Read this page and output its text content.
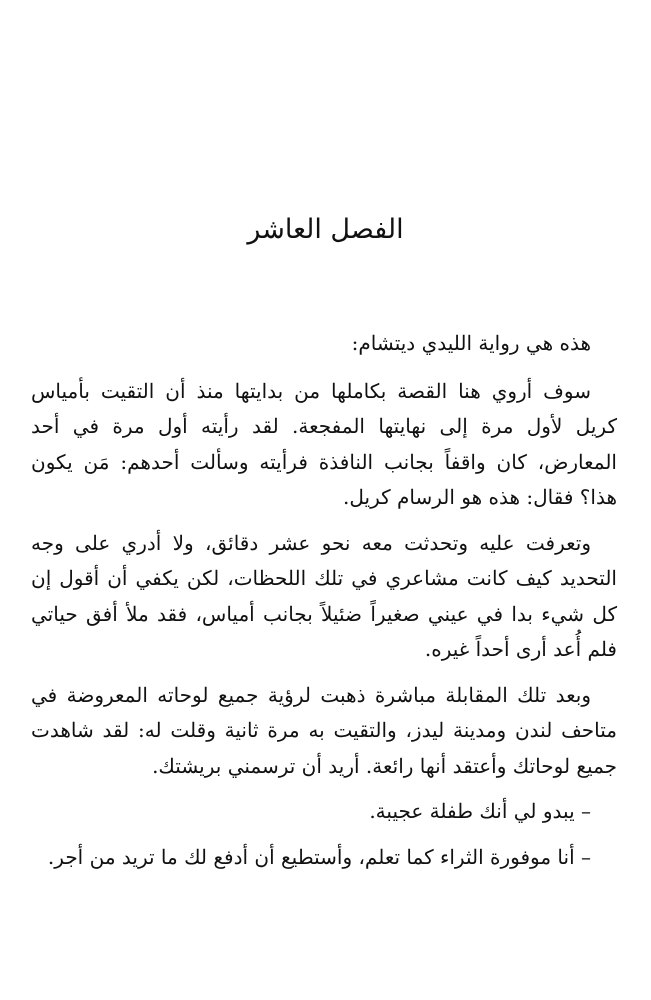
الفصل العاشر

هذه هي رواية الليدي ديتشام:

سوف أروي هنا القصة بكاملها من بدايتها منذ أن التقيت بأمياس كريل لأول مرة إلى نهايتها المفجعة. لقد رأيته أول مرة في أحد المعارض، كان واقفاً بجانب النافذة فرأيته وسألت أحدهم: مَن يكون هذا؟ فقال: هذه هو الرسام كريل.

وتعرفت عليه وتحدثت معه نحو عشر دقائق، ولا أدري على وجه التحديد كيف كانت مشاعري في تلك اللحظات، لكن يكفي أن أقول إن كل شيء بدا في عيني صغيراً ضئيلاً بجانب أمياس، فقد ملأ أفق حياتي فلم أُعد أرى أحداً غيره.

وبعد تلك المقابلة مباشرة ذهبت لرؤية جميع لوحاته المعروضة في متاحف لندن ومدينة ليدز، والتقيت به مرة ثانية وقلت له: لقد شاهدت جميع لوحاتك وأعتقد أنها رائعة. أريد أن ترسمني بريشتك.

– يبدو لي أنك طفلة عجيبة.

– أنا موفورة الثراء كما تعلم، وأستطيع أن أدفع لك ما تريد من أجر.
